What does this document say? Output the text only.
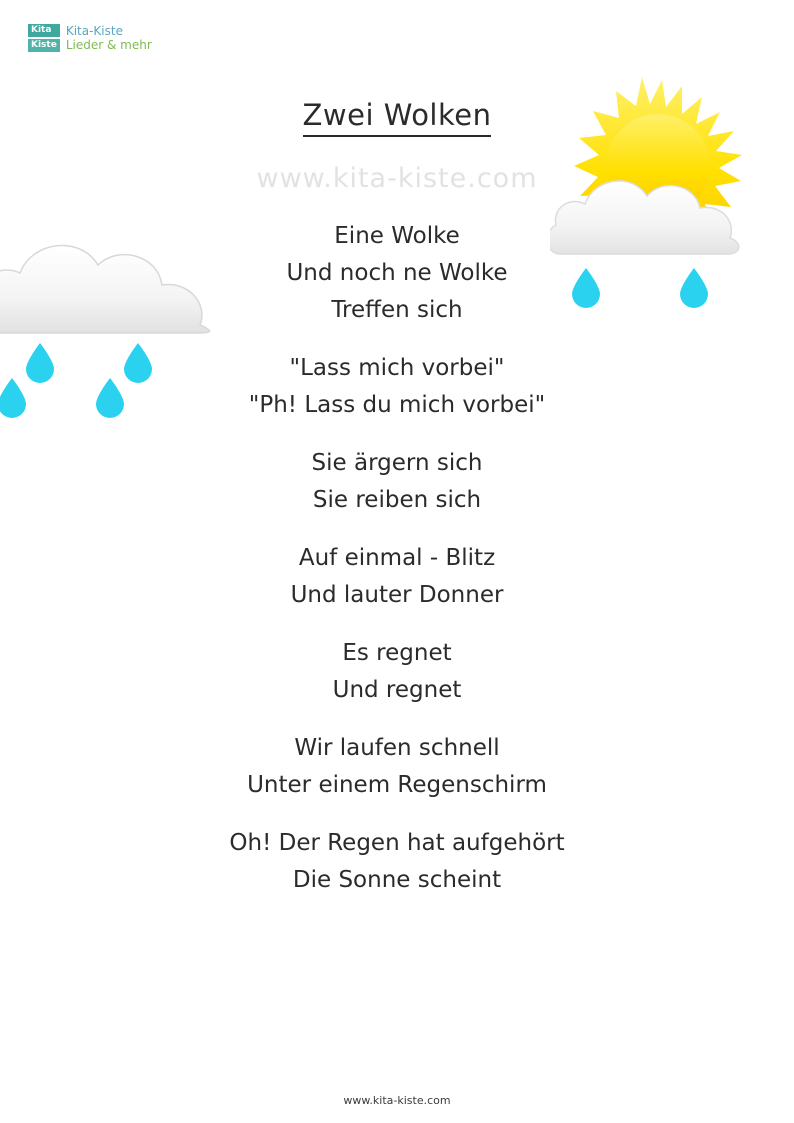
Kita
Kiste
Kita-Kiste
Lieder & mehr
Zwei Wolken
www.kita-kiste.com
Eine Wolke
Und noch ne Wolke
Treffen sich
"Lass mich vorbei"
"Ph! Lass du mich vorbei"
Sie ärgern sich
Sie reiben sich
Auf einmal - Blitz
Und lauter Donner
Es regnet
Und regnet
Wir laufen schnell
Unter einem Regenschirm
Oh! Der Regen hat aufgehört
Die Sonne scheint
www.kita-kiste.com
